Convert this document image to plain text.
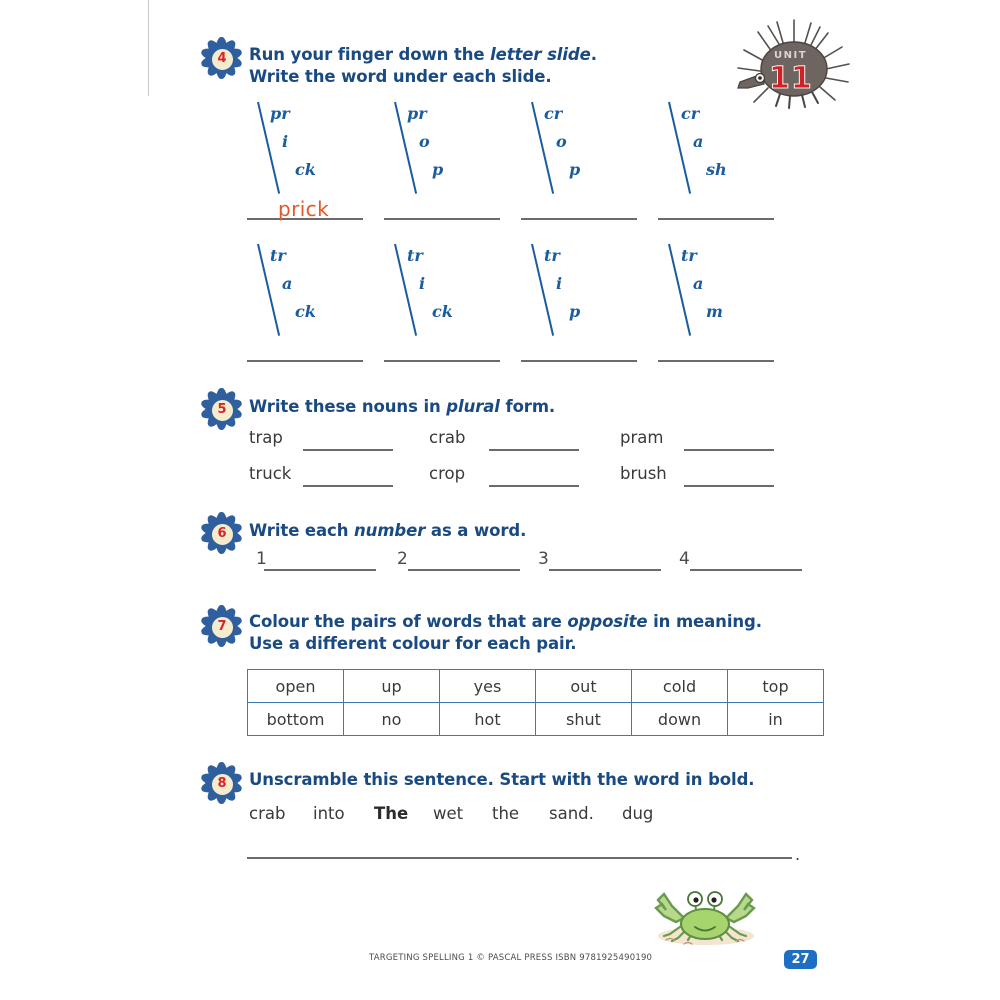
UNIT
11
4	Run your finger down the letter slide.
Write the word under each slide.
pr
i
ck
pr
o
p
cr
o
p
cr
a
sh
prick
tr
a
ck
tr
i
ck
tr
i
p
tr
a
m
5	Write these nouns in plural form.
trap	crab	pram
truck	crop	brush
6	Write each number as a word.
1	2	3	4
7	Colour the pairs of words that are opposite in meaning.
Use a different colour for each pair.
open	up	yes	out	cold	top
bottom	no	hot	shut	down	in
8	Unscramble this sentence. Start with the word in bold.
crab into The wet the sand. dug
.
TARGETING SPELLING 1 © PASCAL PRESS ISBN 9781925490190	27
